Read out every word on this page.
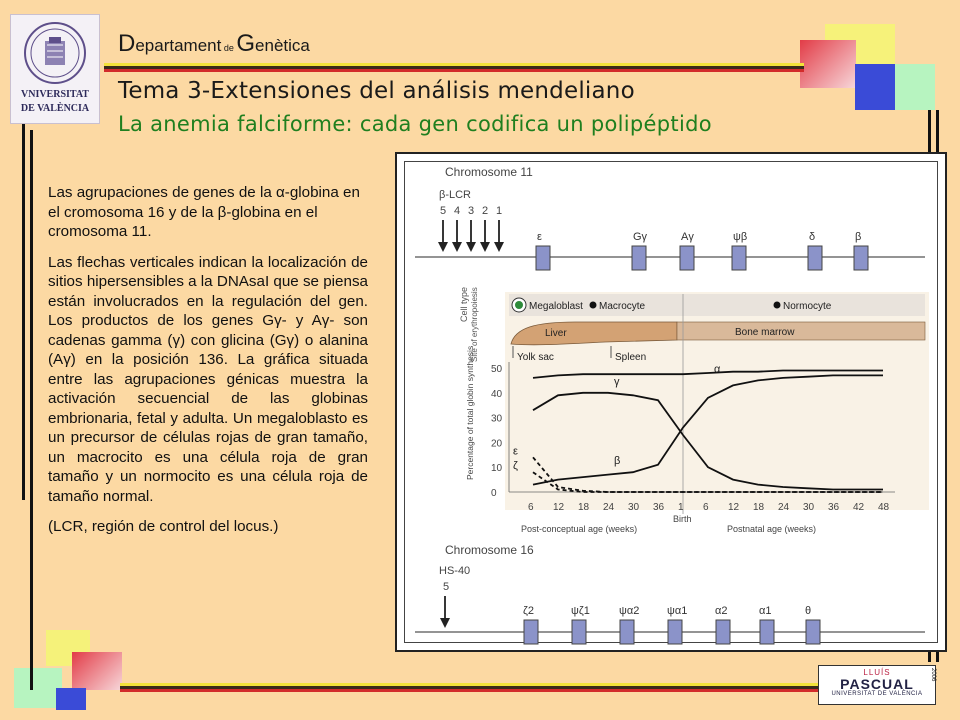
VNIVERSITAT
DE VALÈNCIA
Departament de Genètica
Tema 3-Extensiones del análisis mendeliano
La anemia falciforme: cada gen codifica un polipéptido

Las agrupaciones de genes de la α-globina en el cromosoma 16 y de la β-globina en el cromosoma 11.

Las flechas verticales indican la localización de sitios hipersensibles a la DNAsaI que se piensa están involucrados en la regulación del gen. Los productos de los genes Gγ- y Aγ- son cadenas gamma (γ) con glicina (Gγ) o alanina (Aγ) en la posición 136. La gráfica situada entre las agrupaciones génicas muestra la activación secuencial de las globinas embrionaria, fetal y adulta. Un megaloblasto es un precursor de células rojas de gran tamaño, un macrocito es una célula roja de gran tamaño y un normocito es una célula roja de tamaño normal.

(LCR, región de control del locus.)

Chromosome 11
β-LCR
5 4 3 2 1
ε	Gγ	Aγ	ψβ	δ	β
Megaloblast Macrocyte	Normocyte
Liver	Bone marrow
Yolk sac	Spleen
Cell type Site of erythropoiesis
0
10
20
30
40
50
Percentage of total globin synthesis
6 12 18 24 30 36 1 6 12 18 24 30 36 42 48
Birth
Post-conceptual age (weeks)	Postnatal age (weeks)
α
γ
β
ε
ζ
Chromosome 16
HS-40
5
ζ2	ψζ1	ψα2	ψα1	α2	α1	θ
LLUÍS
PASCUAL
UNIVERSITAT DE VALÈNCIA
2006
